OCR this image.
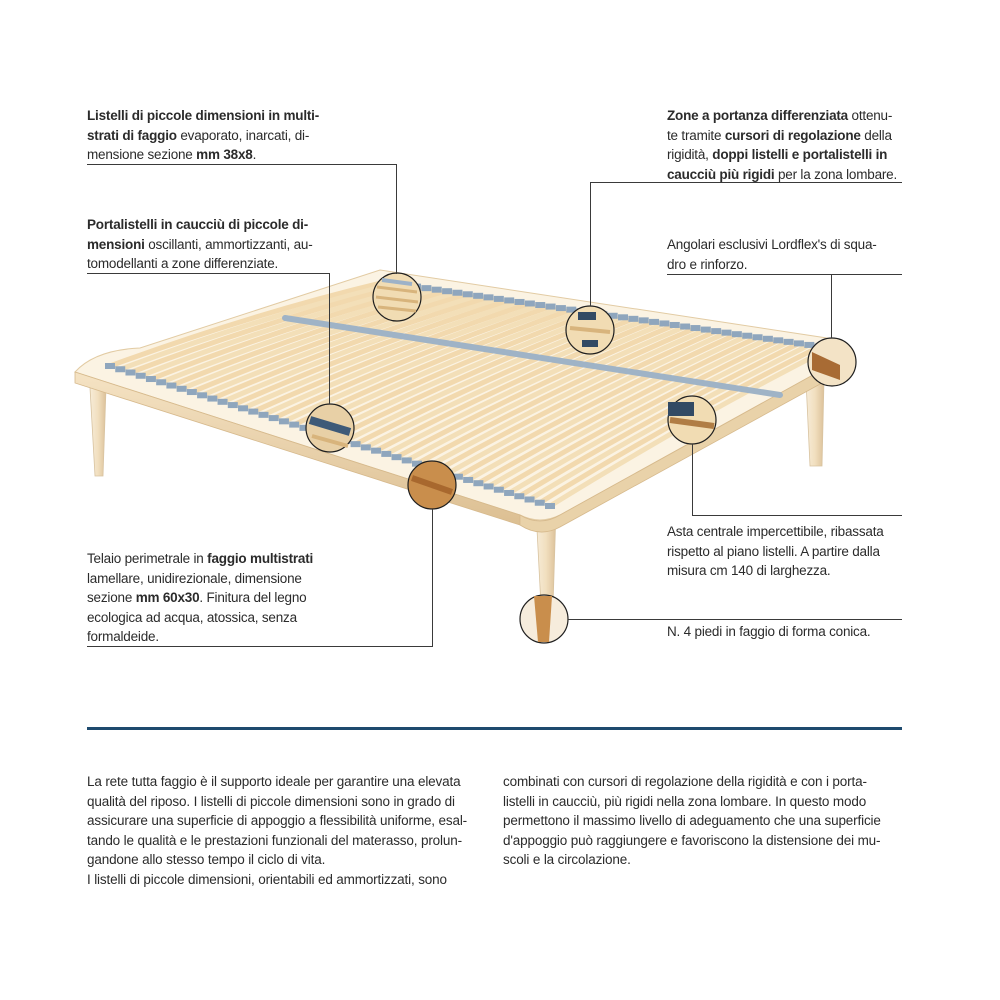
Listelli di piccole dimensioni in multi-
strati di faggio evaporato, inarcati, di-
mensione sezione mm 38x8.
Portalistelli in caucciù di piccole di-
mensioni oscillanti, ammortizzanti, au-
tomodellanti a zone differenziate.
Telaio perimetrale in faggio multistrati
lamellare, unidirezionale, dimensione
sezione mm 60x30. Finitura del legno
ecologica ad acqua, atossica, senza
formaldeide.
Zone a portanza differenziata ottenu-
te tramite cursori di regolazione della
rigidità, doppi listelli e portalistelli in
caucciù più rigidi per la zona lombare.
Angolari esclusivi Lordflex's di squa-
dro e rinforzo.
Asta centrale impercettibile, ribassata
rispetto al piano listelli. A partire dalla
misura cm 140 di larghezza.
N. 4 piedi in faggio di forma conica.
La rete tutta faggio è il supporto ideale per garantire una elevata
qualità del riposo. I listelli di piccole dimensioni sono in grado di
assicurare una superficie di appoggio a flessibilità uniforme, esal-
tando le qualità e le prestazioni funzionali del materasso, prolun-
gandone allo stesso tempo il ciclo di vita.
I listelli di piccole dimensioni, orientabili ed ammortizzati, sono
combinati con cursori di regolazione della rigidità e con i porta-
listelli in caucciù, più rigidi nella zona lombare. In questo modo
permettono il massimo livello di adeguamento che una superficie
d'appoggio può raggiungere e favoriscono la distensione dei mu-
scoli e la circolazione.
